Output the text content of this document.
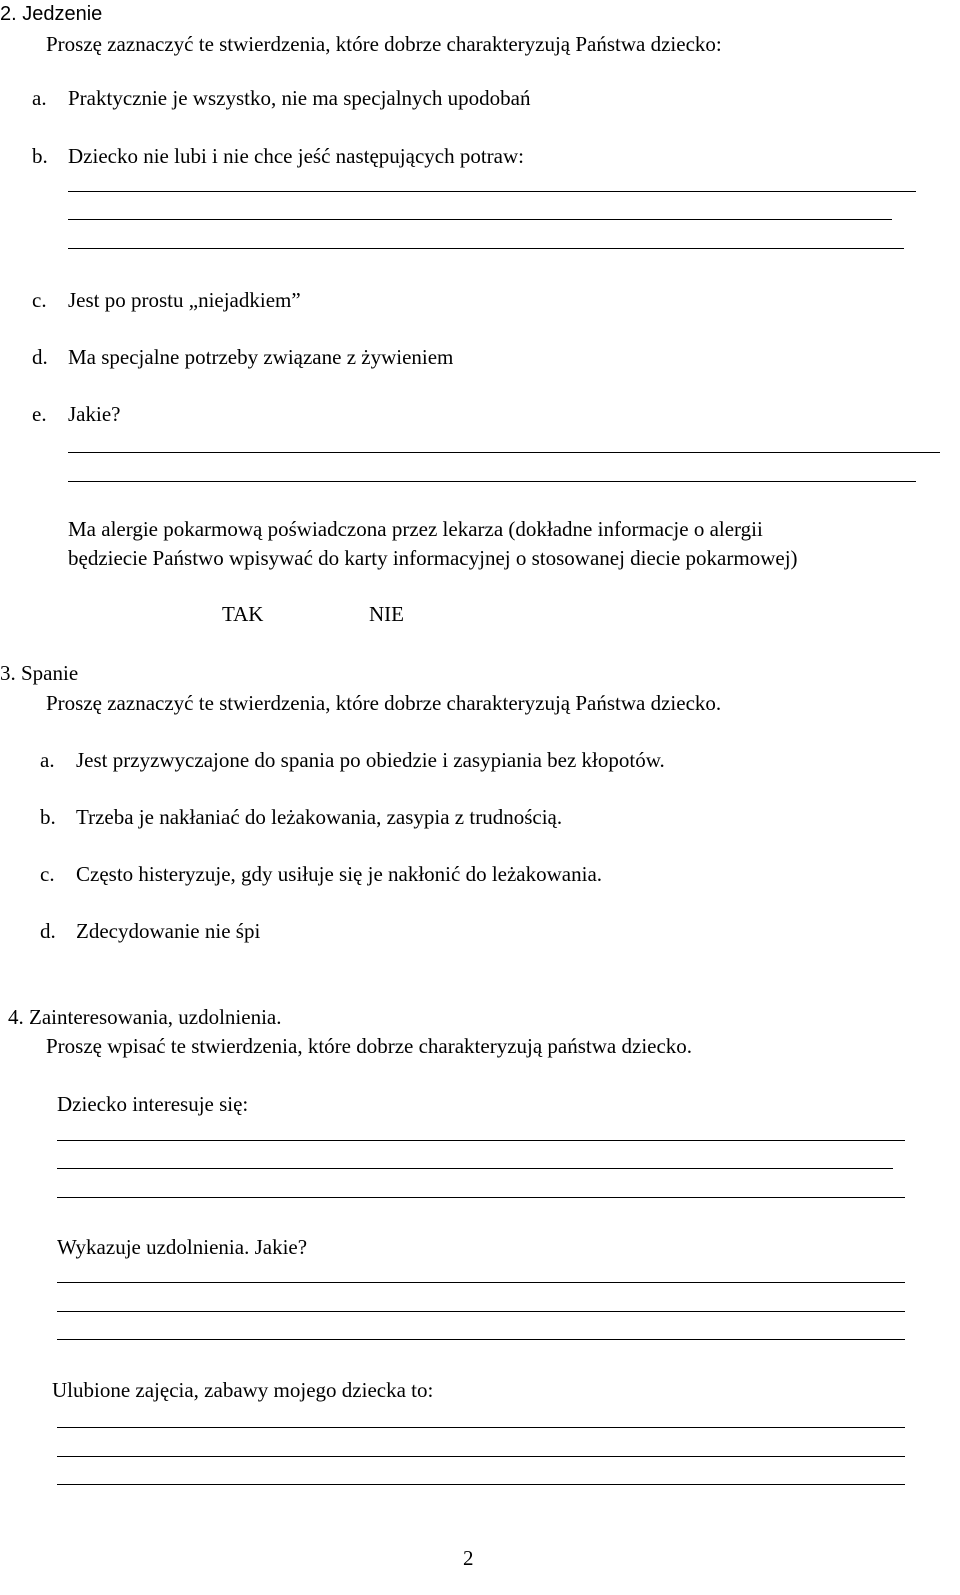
2. Jedzenie
Proszę zaznaczyć te stwierdzenia, które dobrze charakteryzują Państwa dziecko:
a. Praktycznie je wszystko, nie ma specjalnych upodobań
b. Dziecko nie lubi i nie chce jeść następujących potraw:
c. Jest po prostu „niejadkiem”
d. Ma specjalne potrzeby związane z żywieniem
e. Jakie?
Ma alergie pokarmową poświadczona przez lekarza (dokładne informacje o alergii
będziecie Państwo wpisywać do karty informacyjnej o stosowanej diecie pokarmowej)
TAK	NIE
3. Spanie
Proszę zaznaczyć te stwierdzenia, które dobrze charakteryzują Państwa dziecko.
a. Jest przyzwyczajone do spania po obiedzie i zasypiania bez kłopotów.
b. Trzeba je nakłaniać do leżakowania, zasypia z trudnością.
c. Często histeryzuje, gdy usiłuje się je nakłonić do leżakowania.
d. Zdecydowanie nie śpi
4. Zainteresowania, uzdolnienia.
Proszę wpisać te stwierdzenia, które dobrze charakteryzują państwa dziecko.
Dziecko interesuje się:
Wykazuje uzdolnienia. Jakie?
Ulubione zajęcia, zabawy mojego dziecka to:
2
